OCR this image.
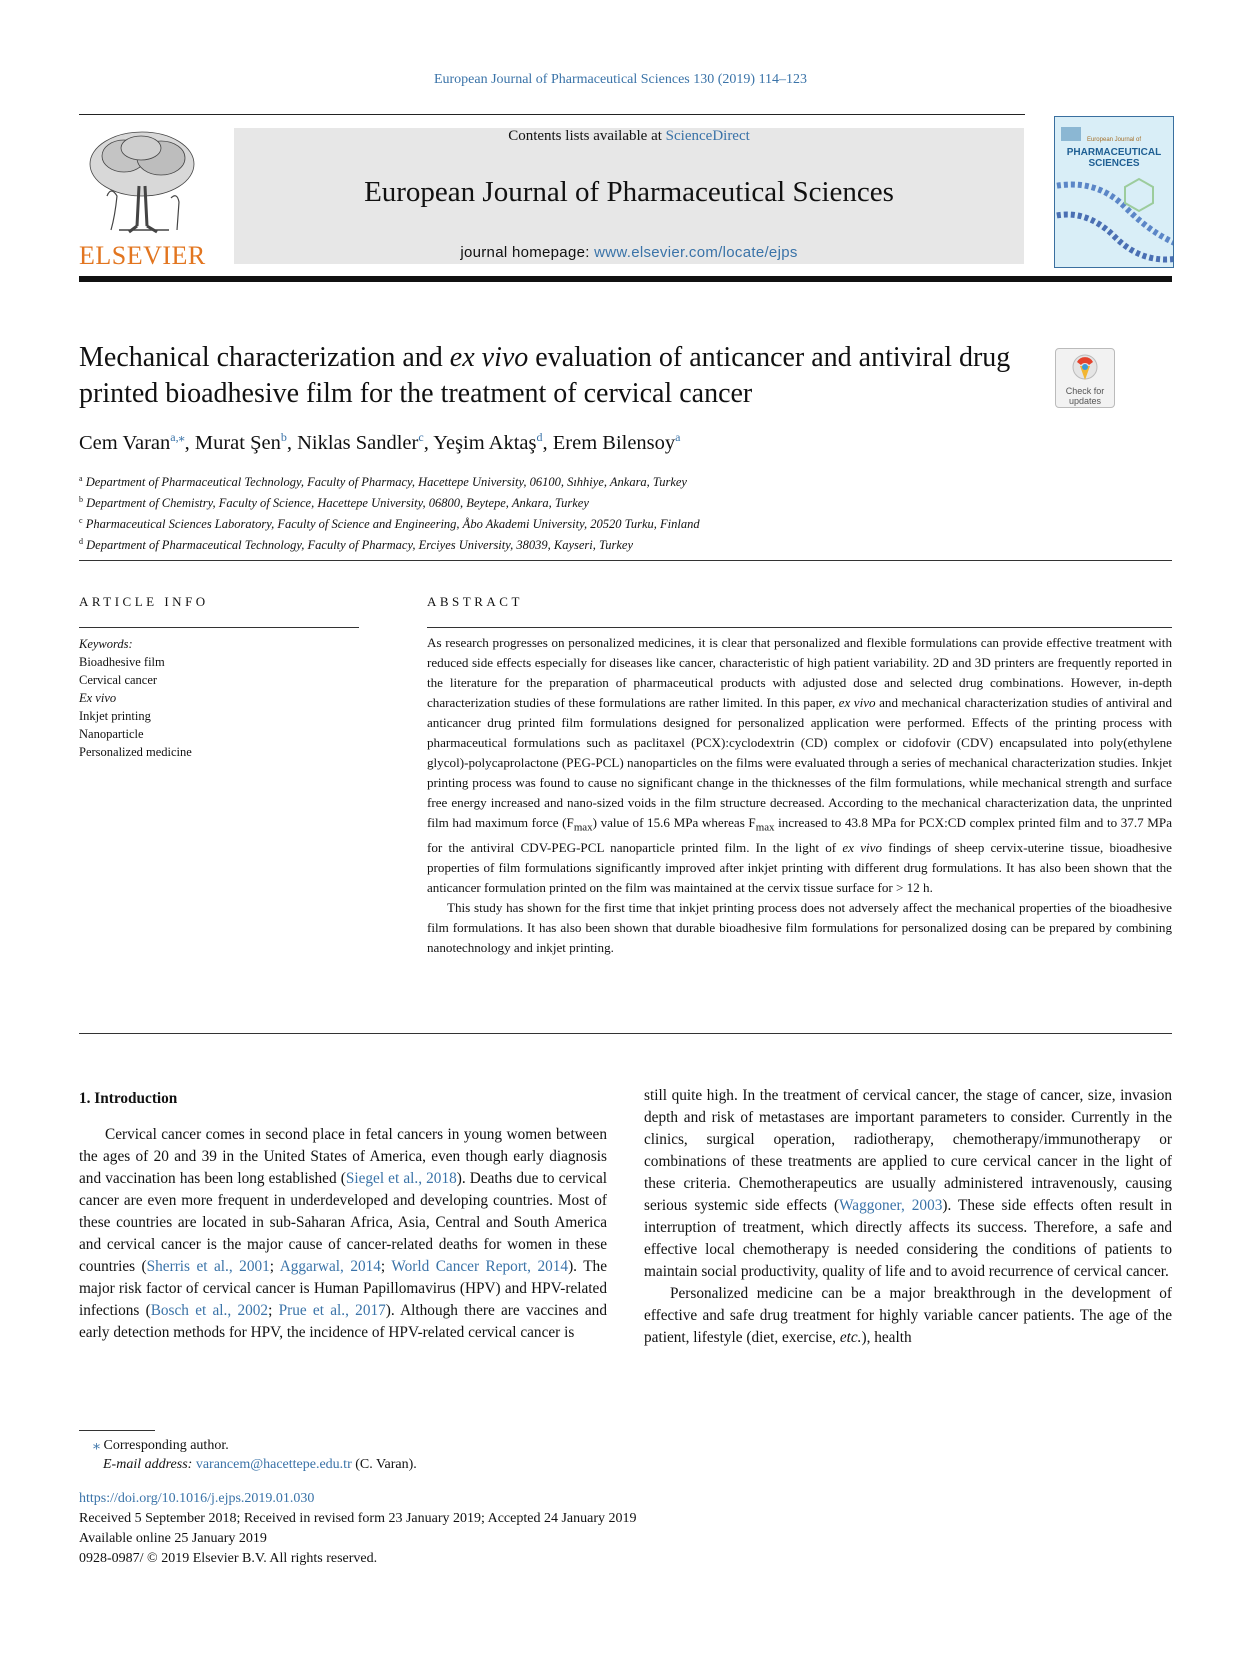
European Journal of Pharmaceutical Sciences 130 (2019) 114–123
ELSEVIER
Contents lists available at ScienceDirect
European Journal of Pharmaceutical Sciences
journal homepage: www.elsevier.com/locate/ejps
European Journal of
PHARMACEUTICAL
SCIENCES
Mechanical characterization and ex vivo evaluation of anticancer and antiviral drug printed bioadhesive film for the treatment of cervical cancer	Check for
updates
Cem Varan$^{a,⁎}$, Murat Şen$^b$, Niklas Sandler$^c$, Yeşim Aktaş$^d$, Erem Bilensoy$^a$
$^a$ Department of Pharmaceutical Technology, Faculty of Pharmacy, Hacettepe University, 06100, Sıhhiye, Ankara, Turkey
$^b$ Department of Chemistry, Faculty of Science, Hacettepe University, 06800, Beytepe, Ankara, Turkey
$^c$ Pharmaceutical Sciences Laboratory, Faculty of Science and Engineering, Åbo Akademi University, 20520 Turku, Finland
$^d$ Department of Pharmaceutical Technology, Faculty of Pharmacy, Erciyes University, 38039, Kayseri, Turkey
ARTICLE INFO	ABSTRACT
Keywords:
Bioadhesive film
Cervical cancer
Ex vivo
Inkjet printing
Nanoparticle
Personalized medicine

As research progresses on personalized medicines, it is clear that personalized and flexible formulations can provide effective treatment with reduced side effects especially for diseases like cancer, characteristic of high patient variability. 2D and 3D printers are frequently reported in the literature for the preparation of pharmaceutical products with adjusted dose and selected drug combinations. However, in-depth characterization studies of these formulations are rather limited. In this paper, ex vivo and mechanical characterization studies of antiviral and anticancer drug printed film formulations designed for personalized application were performed. Effects of the printing process with pharmaceutical formulations such as paclitaxel (PCX):cyclodextrin (CD) complex or cidofovir (CDV) encapsulated into poly(ethylene glycol)-polycaprolactone (PEG-PCL) nanoparticles on the films were evaluated through a series of mechanical characterization studies. Inkjet printing process was found to cause no significant change in the thicknesses of the film formulations, while mechanical strength and surface free energy increased and nano-sized voids in the film structure decreased. According to the mechanical characterization data, the unprinted film had maximum force $(F_{max})$ value of 15.6 MPa whereas $F_{max}$ increased to 43.8 MPa for PCX:CD complex printed film and to 37.7 MPa for the antiviral CDV-PEG-PCL nanoparticle printed film. In the light of ex vivo findings of sheep cervix-uterine tissue, bioadhesive properties of film formulations significantly improved after inkjet printing with different drug formulations. It has also been shown that the anticancer formulation printed on the film was maintained at the cervix tissue surface for > 12 h.

This study has shown for the first time that inkjet printing process does not adversely affect the mechanical properties of the bioadhesive film formulations. It has also been shown that durable bioadhesive film formulations for personalized dosing can be prepared by combining nanotechnology and inkjet printing.

1. Introduction

Cervical cancer comes in second place in fetal cancers in young women between the ages of 20 and 39 in the United States of America, even though early diagnosis and vaccination has been long established (Siegel et al., 2018). Deaths due to cervical cancer are even more frequent in underdeveloped and developing countries. Most of these countries are located in sub-Saharan Africa, Asia, Central and South America and cervical cancer is the major cause of cancer-related deaths for women in these countries (Sherris et al., 2001; Aggarwal, 2014; World Cancer Report, 2014). The major risk factor of cervical cancer is Human Papillomavirus (HPV) and HPV-related infections (Bosch et al., 2002; Prue et al., 2017). Although there are vaccines and early detection methods for HPV, the incidence of HPV-related cervical cancer is

still quite high. In the treatment of cervical cancer, the stage of cancer, size, invasion depth and risk of metastases are important parameters to consider. Currently in the clinics, surgical operation, radiotherapy, chemotherapy/immunotherapy or combinations of these treatments are applied to cure cervical cancer in the light of these criteria. Chemotherapeutics are usually administered intravenously, causing serious systemic side effects (Waggoner, 2003). These side effects often result in interruption of treatment, which directly affects its success. Therefore, a safe and effective local chemotherapy is needed considering the conditions of patients to maintain social productivity, quality of life and to avoid recurrence of cervical cancer.

Personalized medicine can be a major breakthrough in the development of effective and safe drug treatment for highly variable cancer patients. The age of the patient, lifestyle (diet, exercise, etc.), health

⁎ Corresponding author.
E-mail address: varancem@hacettepe.edu.tr (C. Varan).
https://doi.org/10.1016/j.ejps.2019.01.030
Received 5 September 2018; Received in revised form 23 January 2019; Accepted 24 January 2019
Available online 25 January 2019
0928-0987/ © 2019 Elsevier B.V. All rights reserved.
